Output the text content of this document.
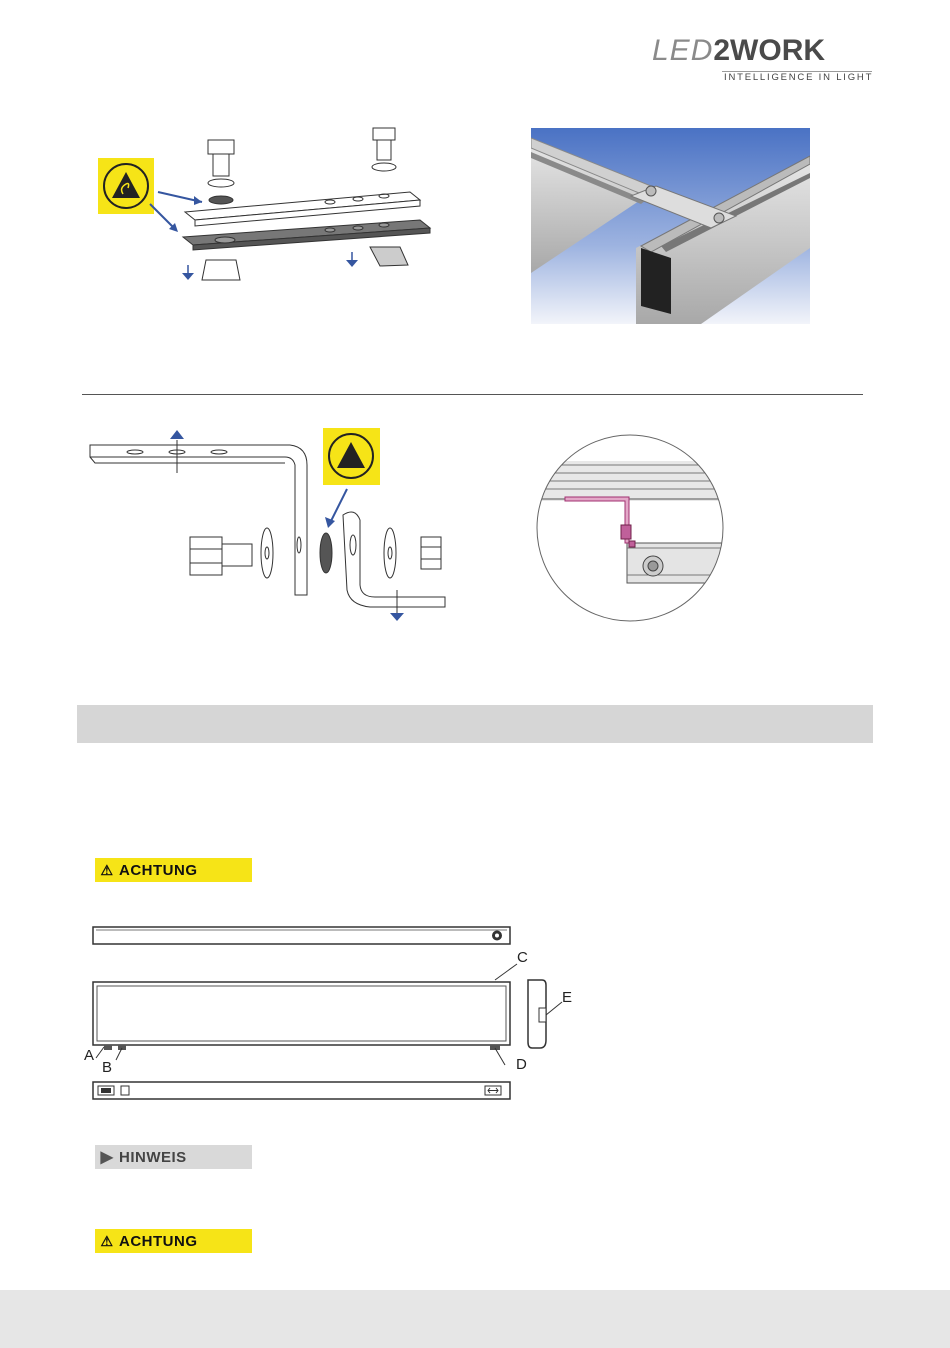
LED2WORK
INTELLIGENCE IN LIGHT
⚠ ACHTUNG
C
A
B	D
E
▶ HINWEIS
⚠ ACHTUNG
